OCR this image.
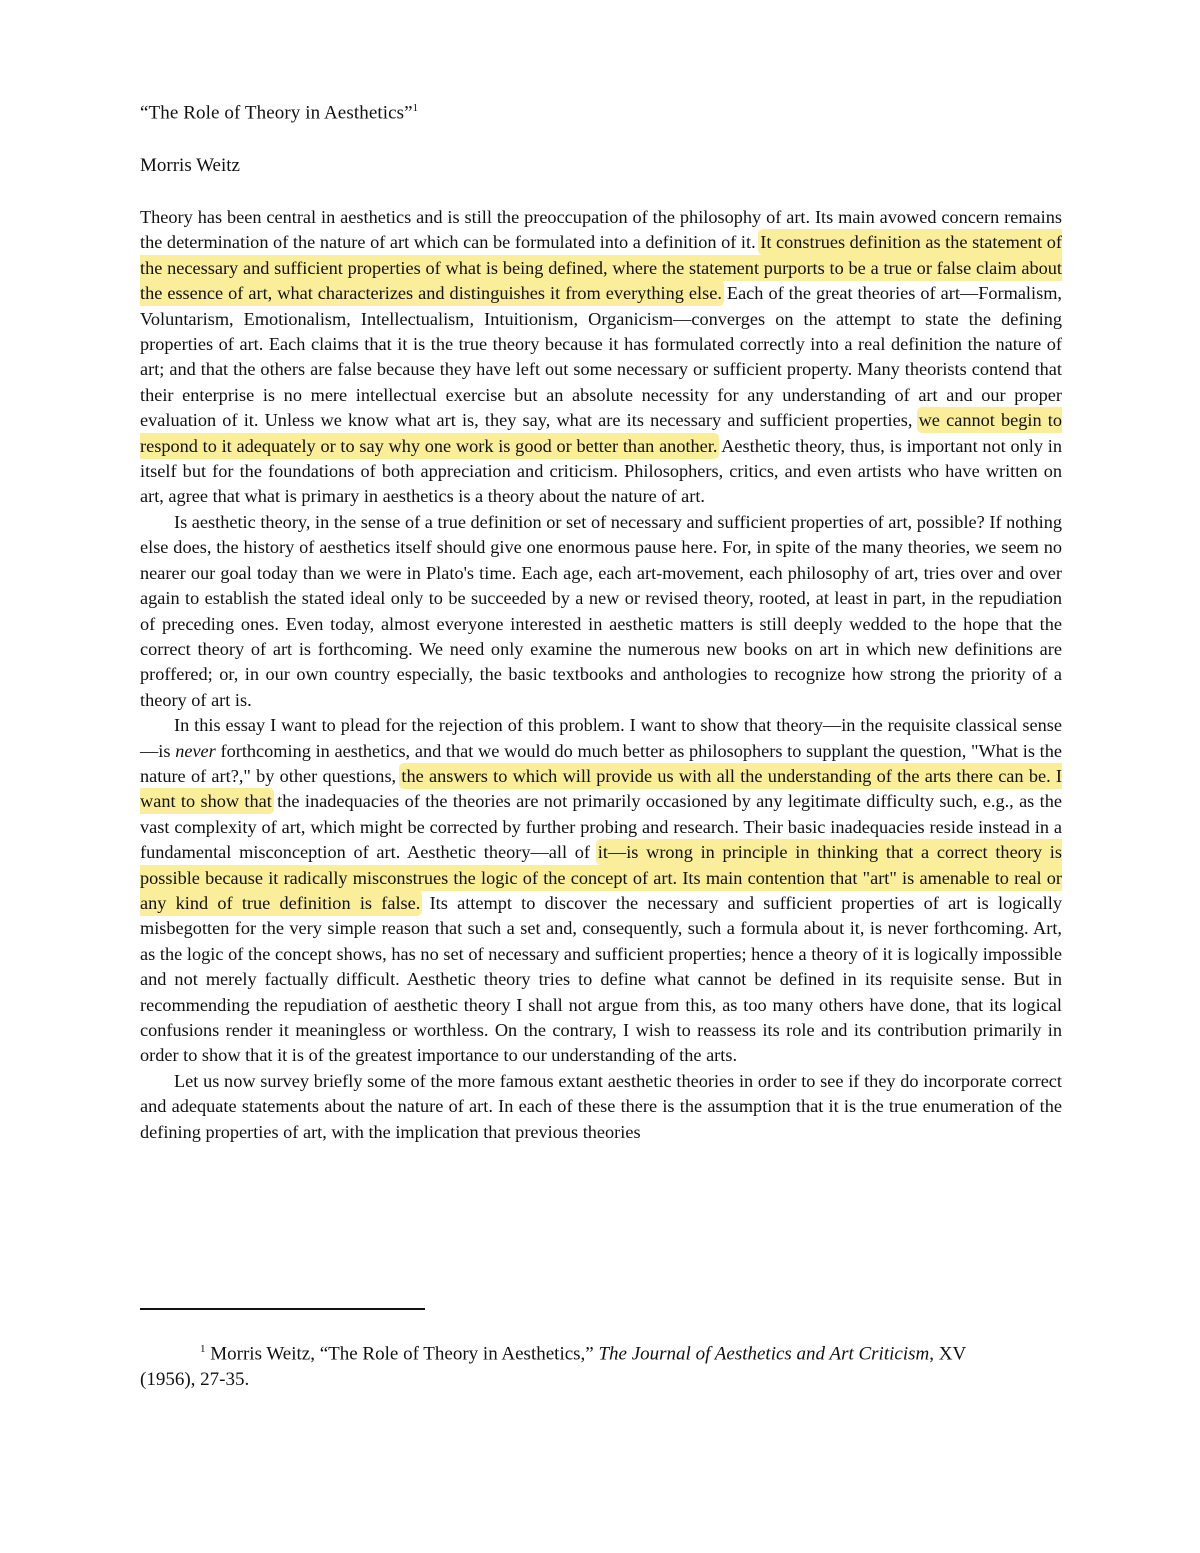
“The Role of Theory in Aesthetics”$^1$
Morris Weitz

Theory has been central in aesthetics and is still the preoccupation of the philosophy of art. Its main avowed concern remains the determination of the nature of art which can be formulated into a definition of it. It construes definition as the statement of the necessary and sufficient properties of what is being defined, where the statement purports to be a true or false claim about the essence of art, what characterizes and distinguishes it from everything else. Each of the great theories of art—Formalism, Voluntarism, Emotionalism, Intellectualism, Intuitionism, Organicism—converges on the attempt to state the defining properties of art. Each claims that it is the true theory because it has formulated correctly into a real definition the nature of art; and that the others are false because they have left out some necessary or sufficient property. Many theorists contend that their enterprise is no mere intellectual exercise but an absolute necessity for any understanding of art and our proper evaluation of it. Unless we know what art is, they say, what are its necessary and sufficient properties, we cannot begin to respond to it adequately or to say why one work is good or better than another. Aesthetic theory, thus, is important not only in itself but for the foundations of both appreciation and criticism. Philosophers, critics, and even artists who have written on art, agree that what is primary in aesthetics is a theory about the nature of art.

Is aesthetic theory, in the sense of a true definition or set of necessary and sufficient properties of art, possible? If nothing else does, the history of aesthetics itself should give one enormous pause here. For, in spite of the many theories, we seem no nearer our goal today than we were in Plato's time. Each age, each art-movement, each philosophy of art, tries over and over again to establish the stated ideal only to be succeeded by a new or revised theory, rooted, at least in part, in the repudiation of preceding ones. Even today, almost everyone interested in aesthetic matters is still deeply wedded to the hope that the correct theory of art is forthcoming. We need only examine the numerous new books on art in which new definitions are proffered; or, in our own country especially, the basic textbooks and anthologies to recognize how strong the priority of a theory of art is.

In this essay I want to plead for the rejection of this problem. I want to show that theory—in the requisite classical sense—is never forthcoming in aesthetics, and that we would do much better as philosophers to supplant the question, "What is the nature of art?," by other questions, the answers to which will provide us with all the understanding of the arts there can be. I want to show that the inadequacies of the theories are not primarily occasioned by any legitimate difficulty such, e.g., as the vast complexity of art, which might be corrected by further probing and research. Their basic inadequacies reside instead in a fundamental misconception of art. Aesthetic theory—all of it—is wrong in principle in thinking that a correct theory is possible because it radically misconstrues the logic of the concept of art. Its main contention that "art" is amenable to real or any kind of true definition is false. Its attempt to discover the necessary and sufficient properties of art is logically misbegotten for the very simple reason that such a set and, consequently, such a formula about it, is never forthcoming. Art, as the logic of the concept shows, has no set of necessary and sufficient properties; hence a theory of it is logically impossible and not merely factually difficult. Aesthetic theory tries to define what cannot be defined in its requisite sense. But in recommending the repudiation of aesthetic theory I shall not argue from this, as too many others have done, that its logical confusions render it meaningless or worthless. On the contrary, I wish to reassess its role and its contribution primarily in order to show that it is of the greatest importance to our understanding of the arts.

Let us now survey briefly some of the more famous extant aesthetic theories in order to see if they do incorporate correct and adequate statements about the nature of art. In each of these there is the assumption that it is the true enumeration of the defining properties of art, with the implication that previous theories

$^1$ Morris Weitz, “The Role of Theory in Aesthetics,” The Journal of Aesthetics and Art Criticism, XV (1956), 27-35.
